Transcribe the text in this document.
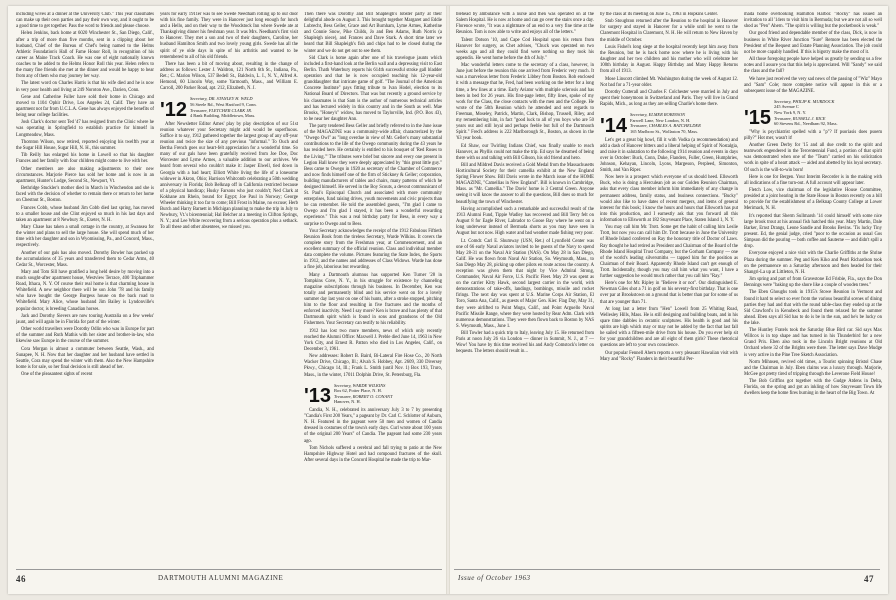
including wives at a dinner at the University Club." This year classmates can make up their own parties and pay their own way, and it ought to be a good time to get together. Pass the word to friends and please choose.

Helen Jenkins, back home at 6020 Winchester St., San Diego, Calif., after a trip of more than five months, sent in a clipping about her husband, Chief of the Bureau of Chef's being named to the Helms Athletic Foundation's Hall of Fame Honor Roll, in recognition of his career as Maine Track Coach. He was one of eight nationally known coaches to be added to the Helms Honor Roll this year. Helen refers to the many fine friends she met at the dinner and would be happy to hear from any of them who may journey her way.

The latest word on Charles Harris is that his wife died and he is now in very poor health and living at 249 Noroton Ave., Darien, Conn.

Gene and Catherine Fuller have sold their home in Chicago and moved to 1104 Ophir Drive, Los Angeles 24, Calif. They have an apartment not far from U.C.L.A. Gene has always enjoyed the benefits of being near college facilities.

Josh Clark's doctor sent Ted '47 has resigned from the Clinic where he was operating in Springfield to establish practice for himself in Longmeadow, Mass.

Thornton Wilson, now retired, reported enjoying his twelfth year at the Sugar Hill House, Sugar Hill, N. H., this summer.

Tib Reilly has enlarged his home in Lowell so that his daughter Frances and her family with four children might come to live with her.

Other members are also making adjustments to their new circumstances. Marjorie Pierce has sold her home and is now in an apartment, Hunter's Lodge, Second St., Newport, Vt.

Bethridge Stuckler's mother died in March in Winchendon and she is faced with the decision of whether to remain there or return to her home on Chestnut St., Boston.

Frances Cobb, whose husband Jim Cobb died last spring, has moved to a smaller house and she Clint enjoyed so much in his last days and taken an apartment at 8 Newbury St., Exeter, N. H.

Mary Chase has taken a small cottage in the country, at Swansea for the winter and plans to sell the large house. She will spend much of her time with her daughter and son in Wyomissing, Pa., and Concord, Mass., respectively.

Another of our gals has also moved. Dorothy Bowler has packed up the accumulations of 35 years and transferred them to Cedar Arms, 40 Cedar St., Worcester, Mass.

Mary and Tom Sill have gratified a long held desire by moving into a much sought-after apartment house, Westview Terrace, 400 Triphammer Road, Ithaca, N. Y. Of course their real home is that charming house in Whitefield. A new neighbor there will be son John '78 and his family who have bought the George Burgess house on the back road to Whitefield. Mary Alice, whose husband Jim Bailey is Lyndonville's popular doctor, is breeding Canadian horses.

Jack and Dorothy Sievers are now touring Australia on a few weeks' jaunt, and will again be in Florida for part of the winter.

Other world travellers were Dorothy Odlin who was in Europe for part of the summer and Ruth Mathis with her sister and brother-in-law, who likewise saw Europe in the course of the summer.

Cora Morgan is almost a commuter between Seattle, Wash., and Sunapee, N. H. Now that her daughter and her husband have settled in Seattle, Cora may spend the winter with them. Also the New Hampshire home is for sale, so her final decision is still ahead of her.

One of the pleasantest sights of recent

years for early 1911er was to see Swede Needham rolling up to our door with his fine family. They were in Hanover just long enough for lunch and a Hello, and on their way to the Woodstock Inn where Swede ate at Thanksgiving dinner his freshman year. It was Mrs. Needham's first visit to Hanover. They met a son and two of their daughters, Caroline, her husband Hamilton Smith and two lovely young girls. Swede has all the spirit of ye olde days in spite of his arthritis and wanted to be remembered to all of his old friends.

There has been a bit of moving about, resulting in the change of address as follows: Lester J. Waldron, 121 North 6th St., Indiana, Pa., Ret.; C. Marion Wilson, 537 Bedell St., Baldwin, L. I., N. Y., Alfred A. Hemond, 60 Lincoln Way, some Yarmouth, Mass., and William E. Carroll, 200 Parker Road, apt. 212, Elizabeth, N. J.

'12 Secretary, DR. STANLEY H. WELD
56 Steele Rd., West Hartford 9, Conn.
Treasurer, FLETCHER CLARK JR.
4 Bank Building, Middletown, Mass.

After Newsletter Editor Ames' play by play description of our 51st reunion whatever your Secretary might add would be superfluous. Suffice it to say, 1912 gathered together the largest group of any off-year reunion and twice the size of any previous "informal." To Ouch and Bertha French goes our heart-felt appreciation for a wonderful time. So many of our gals have been gratefully received from Joe Doe, Doc Worcester and Lyme Armes, a valuable addition to our archives. We heard from several who couldn't make it: Jasper Elwell, tied down in Georgia with a bad heart; Elliott White living the life of a lonesome widower in Akron, Ohio; Harrison Whitcomb celebrating a 50th wedding anniversary in Florida; Bob Belknap off in California restricted because of a physical handicap; Husky Farsons who just couldn't; Ned Clark at Kokhane am Rhein, bound for Egypt; Joe Paul in Norway; George Wheeler thinking it too far to come; Bill Frost in Maine, no excuse; Herb Burch and Harry Barnett in Michigan planning to make the trip in July to Newbury, Vt.'s bicentennial; Hal Belcher at a meeting in Clifton Springs, N. Y.; and Lee White recovering from a serious operation plus a setback. To all these and other absentees, we missed you.

Then there was Dorothy and Bill Shapleigh's lobster party at their delightful abode on August 3. This brought together Margaret and Eddie Lubrecht, Bess Geller, Grace and Art Burnham, Lyme Armes, Katherine and Connie Snow, Pike Childs, Jo and Ben Adams, Ruth Norris (a Shapleigh niece), and Frances and Dave Stark. A short time later we heard that Bill Shapleigh's fish and chips had to be closed during the winter and we do not get out to see them.

Sid Clark is home again after one of his travelogue jaunts which included a first-hand look at the Berlin wall and a depressing visit to East Berlin. Thath Waterbury reports his 614th successful stroke gall bladder operation and that he is now occupied teaching his 12-year-old granddaughter that intricate game of golf. "The Journal of the American Concrete Institute" pays fitting tribute to Ivan Hodel, election to its National Board of Directors. That was but recently a ground service by his classmates is that Sam is the author of numerous technical articles and has lectured widely in this country and in the South as well. Mae Brooks, "Honey's" widow, has moved to Taylorville, Ind. (P.O. Box 43), to be near her daughter Ann.

The party tendered Bess Geller and briefly referred to in the June issue of the MAGAZINE was a community-wide affair, characterized by the "Owego Owl" as "long overdue in view of Mr. Geller's many substantial contributions to the life of the Owego community during the 43 years he has resided here. He certainly is entitled to his bouquet of 'Red Roses to the Living.'" The tributes were brief but sincere and every one present in Legion Hall knew they were deeply appreciated by "this great little guy." Bess came to Owego in 1920 as secretary of the Chamber of Commerce and now finds himself one of the firm of Stickney & Geller; corporation, building manufacturers of tables and chairs, many patterns of which he designed himself. He served in the Boy Scouts, a devout communicant of St. Paul's Episcopal Church and associated with more community enterprises, fund raising drives, youth movements and civic projects than he can remember. He told the assembled guests, "I'm glad I came to Owego and I'm glad I stayed, it has been a wonderful rewarding experience." This was a real birthday party for Bess, in every way a surprise to Owego and to Bess.

Your Secretary acknowledges the receipt of the 1912 Fabulous Fiftieth Reunion Book from the tireless Secretary, Warde Wilkins. It covers the complete story from the Freshman year, at Commencement, and an excellent summary of the official reunion. Class and individual member data complete the volume. Pictures featuring the State Index, the Sports in 1912, and the names and addresses of Class Widows. Warde has done a fine job, laborious but rewarding.

Many a Dartmouth alumnus has supported Ken Turner '28 in Tompkins Cove, N. Y., in his struggle for existence by channeling magazine subscriptions through his business. In December, Ken was totally and permanently blind and his service went on for a lovely summer day last year on one of his hunts, after a stroke stopped, pitching him to the floor and resulting in five fractures and the months of enforced inactivity. Need I say more? Ken is brave and has plenty of that Dartmouth spirit which is found in sons and grandsons of the Old Fishermen. Your Secretary can testify to his reliability.

1912 has lost two more members, news of which only recently reached the Alumni Office: Maxwell J. Preble died June 14, 1963 in New York City, and Ernest R. Patton who died in Los Angeles, Calif., on December 3, 1961.

New addresses: Robert B. Baird, Bi-Lateral Fire Hose Co., 20 North Wacker Drive, Chicago, Ill.; Alvah S. Hobbey, Apt. 2609, 330 Diversey Pkwy., Chicago 14, Ill.; Frank L. Smith (until Nov. 1) Box 193, Truro, Mass., in the winter, 17011 Dolphin Drive, St. Petersburg, Fla.

'13 Secretary, WARDE WILKINS
Box 62, Potter Place, N. H.
Treasurer, ROBERT O. CONANT
Hanover, N. H.

Candia, N. H., celebrated its anniversary July 3 to 7 by presenting "Candia's First 200 Years," a pageant by Dr. Carl C. Schlotter of Auburn, N. H. Featured in the pageant were 50 men and women of Candia dressed in costumes of the town's early days. Curl wrote about 100 years of the original 200 Years" of Candia. The pageant had some 230 years ago.

Tom Nichols suffered a cerebral and fall trying to patio at the New Hampshire Highway Hotel and had compound fractures of the skull. After several days in the Concord Hospital he made the trip to Mar-

46	DARTMOUTH ALUMNI MAGAZINE

blehead by ambulance with a nurse and then was operated on at the Salem Hospital. He is now at home and can go over the stairs once a day. Florence wrote, "It was a nightmare of an end to a very fine time at the Reunion. Tom is now able to write and enjoys all of the letters."

Talent Dotson '10, and Cape Cod Hospital upon his return from Hanover for surgery, as Chet advises, "Chuck was operated on two weeks ago and all they could find were nothing so they took his appendix. He went home before the 4th of July."

Mac wonderful letters come to the secretary of a class, however, in June just before the reunion this one arrived from Frederic very much. It was a marvelous letter from Frederic Libbey from Boston. Rob enclosed it with a message that he, Fred, had been working on the letter for a long time, a few lines at a time. Early Aviator with multiple sclerosis and has been in bed for 26 years. His first-page letter, fifty lines, spoke of my work for the Class, the close contacts with the men and the College. He wrote of the 50th Reunion which he attended and sent regards to Freeman, Moseley, Patrick, Martin, Clark, Bishop, Trussell, Riley, and my remembering him, in fact "good luck to all of you boys who are 50 years out and still loyal and perhaps feeble but full of the Dartmouth Spirit." Fred's address is 222 Marlborough St., Boston, as shown in the '63 year book.

Ed Shaw, our Twirling Indians Chief, was finally unable to reach Hanover, as Phyllis could not make the trip. Ed says he dreamed of being there with us and talking with Bill Gibson, his old friend and hero.

Bill and Mildred Davis received a Gold Medal from the Massachusetts Horticultural Society for their camellia exhibit at the New England Spring Flower Show. Bill Davis wrote in the March issue of the HOME MAGAZINE, "Camellias in New England". Bill is known in Cambridge, Mass. as "Mr. Camellia." The Davis' home is 3 Central Green. Anyone seeing it will know the answer to all the questions, Bill does so much for beautifying the town of Winchester.

Having accomplished such a remarkable and successful result of the 1913 Alumni Fund, Tippie Wadley has recovered and Bill Terry felt on August 8 for Eagle River, Labrador to Goose Bay where he went on a long underwear instead of Bermuda shorts as you may have seen in August but not now. High water and bad weather made fishing very poor.

Lt. Comdr. Carl E. Shumway (USN, Ret.) of Lynnfield Center was one of 66 early Naval aviators invited to be guests of the Navy to spend May 28-31 on the Naval Air Station (NAS). On May 28 in San Diego, Calif. He was flown from Naval Air Station, So. Weymouth, Mass., to San Diego May 28, picking up other pilots en route across the country. A reception was given them that night by Vice Admiral Strong, Commander, Naval Air Force, U.S. Pacific Fleet. May 29 was spent as on the carrier Kitty Hawk, second largest carrier in the world, with demonstrations of take-offs, landings, bombings, missile and rocket firings. The next day was spent at U.S. Marine Corps Air Station, El Toro, Santa Ana, Calif., as guests of Major Gen. Kier. Flag Day, May 31, they were airlifted to Point Mugu, Calif., and Point Arguello Naval Pacific Missile Range, where they were hosted by Rear Adm. Clark with numerous demonstrations. They were then flown back to Boston by NAS S. Weymouth, Mass., June 1.

Bill Towler had a quick trip to Italy, leaving July 15. He returned from Paris at noon July 26 via London — dinner in Summit, N. J., at 7 — Wow! You have by this time received his and Andy Comstock's letter on bequests. The letters should result in...

by the class at its meeting on June 15, 1963 in Hopkins Center.

Stub Stoughton returned after the Reunion to the hospital in Hanover for surgery and stayed in Hanover for a while until he went to the Claremont Hospital in Claremont, N. H. He will return to New Haven by the middle of October.

Louis Fishel's long siege at the hospital recently kept him away from the Reunion, but he is back home now where he is living with his daughter and her two children and his mother who will celebrate her 100th birthday in August. Happy Birthday and Many Happy Returns from all of 1913.

Mose Linscott climbed Mt. Washington during the week of August 12. Not bad for a 71-year older.

Dorothy Cutterall and Charles F. Colchester were married in July and spent their honeymoon in Switzerland and Paris. They will live in Grand Rapids, Mich., as long as they are selling Charlie's home there.

'14 Secretary, ELMER ROBINSON
Farwell Lane, New London, N. H.
Treasurer, CHARLES A. BATCHELDER
165 Marlboro St., Wollaston 70, Mass.

Let's get a great big howl, fill it with Vodka (a recommendation) and add a dash of Hanover bitters and a liberal helping of Spirit of Nostalgia, and raise it in salutation to the following 1914 reunion and events in days over in October: Buck, Conn, Duke, Flanders, Fuller, Green, Humphries, Johnson, Kehayan, Lincoln, Lyons, Margeson, Perpleed, Simonton, Smith, and Van Riper.

Now here is a prospect which everyone of us should heed. Ellsworth Buck, who is doing a Herculean job as our Golden Reunion Chairman, asks that every class member inform him immediately of any change in permanent address, family status, and business connections. "Bucky" would also like to have dates of recent mergers, and items of general interest for this book; I know the hours and hours that Ellsworth has put into this production, and I earnestly ask that you forward all this information to Ellsworth at 182 Stuyvesant Place, Staten Island 1, N. Y.

You may call him Mr. Trott. Some get the habit of calling him Leslie Trott, but now you can call him Dr. Trott because in June the University of Rhode Island conferred on Ray the honorary title of Doctor of Laws. Ray thought he had retired as President and Chairman of the Board of the Rhode Island Hospital Trust Company, but the Gorham Company — one of the world's leading silversmiths — tapped him for the position as Chairman of their Board. Apparently Rhode Island can't get enough of Trott. Incidentally, though you may call him what you want, I have a further suggestion he would much rather that you call him "Ray."

Here's one for Mr. Ripley in "Believe it or not". Our distinguished E. Newman Giles shot a 71 in golf on his seventy-first birthday. That is one over par at Brookstown on a ground that is better than par for some of us that are younger than 71.

At long last a letter from "Hen" Lowell from 25 Whiting Road, Wellesley Hills, Mass. He is still designing and building boats, and in his spare time dabbles in ceramic sculptures. His health is good and his spirits are high which may or may not be added by the fact that last fall he sailed with a fifteen-mile drive from his house. Do you ever help sit for your grandchildren and are all eight of them girls? These rhetorical questions are left to your own conscience.

Our popular Fennell Ahern reports a very pleasant Hawaiian visit with Mary and "Rocky" Flanders in their beautiful Per-

mada home overlooking Hamilton Harbor. "Rocky" has issued an invitation to all '14ers to visit him in Bermuda; but we are not all so well shod as "Pen" Ahern. "The spirit is willing but the pocketbook is weak."

Our good friend and dependable member of the class, Dick, is now in business in White River Junction "Sure" Remore has been elected the President of the Bequest and Estate Planning Association. The job could not be more capably handled. If this is bigotry make the most of it.

All those foregoing people have helped us greatly by sending us a few notes and I assure you that this help is appreciated. Will "Sandy" we said the class and the fall?

We have just received the very sad news of the passing of "Wiz" Mayo and "Sam" Cole; more complete notice will appear in this or a subsequent issue of the MAGAZINE.

'15
Secretary, PHILIP K. MURDOCK
245 Avenue C
New York 9, N. Y.
Treasurer, RUSSELL J. RICE
60 Stevens Rd., Needham 92, Mass.

"Why is psychiatrist spelled with a "p"? If psoriasis does psoem pilly?" Hot mer, wasn't it!

Another Green Derby for '15 and all due credit to the spirit and teamwork engendered in the Tercentennial Fund, a portion of that spirit was demonstrated when one of the "Team" carried on his solicitation work in spite of a heart attack — aided and abetted by his loyal secretary. Of such is the will-to-win born!

Here is one for Bergen. Your Interim Recorder is in the making with all indications of a fine turn-out. A full account will appear later.

Fletch Low, vice chairman of the legislative House Committee, presided at a joint hearing in the State House in Boston recently on a bill to provide for the establishment of a Belknap County College at Lower Merimack, N. H.

It's reported that Sherm Sullmarsh '14 could himself with some nice large brook trout at his annual fish hatched this year. Mary Martin, Dale Barker, Ernst Drangs, Leone Sandle and Brooks Bevins. 'Tis lucky Tiny present. Ed, the genial judge, cried "poor to the occasion as usual Gos Simpson did the pouring — both coffee and Sauterne — and didn't spill a drop.

Everyone enjoyed a nice visit with the Charlie Griffiths at the Shrine Plaza during the summer. Peg and Ken Kiko and Pearl Richardson took on the permanence on a Saturday afternoon and then headed for their Shangri-La up at Littleton, N. H.

Jim spring and part of from Gravestone Ed Frisbie, Fla., says the Don Bennings were "baking up the shore like a couple of wooden trees."

The Eben Ghoughs took in 1915's Stowe Reunion in Vermont and found it hard to select so ever from the various beautiful scenes of dining parties they had and that with the round table-class they ended up at the Sid Crawford's in Kenubeck and found them relaxed for the summer ahead. Eben says all Sid has to do is be in the sun, and he's be lucky on the lake.

The Huntley Fratels took the Saturday Blue Bird car. Sid says Max Willcox is in top shape and has turned in his Thunderbird for a new Grand Prix. Eben also took in the Lincoln Bright reunions at Old Orchard where 32 of the Brights were there. The letter says Dave Mudge is very active in the Pine Tree Sketch Association.

Norm Mihnsen, revived old times, a Tourist spinning Bristol Chase and the Chairman in July. Eben claims was a luxury through. Marjorie, McGee got pretty tired of tripping through the Leverone Field House!

The Bob Griffins got together with the Gudge Atdens in Delta, Florida, on the spring and got an inkling of how Stuyvesant Town life dwellers keep the home fires burning in the heart of the Big Town. At

Issue of October 1963	47
